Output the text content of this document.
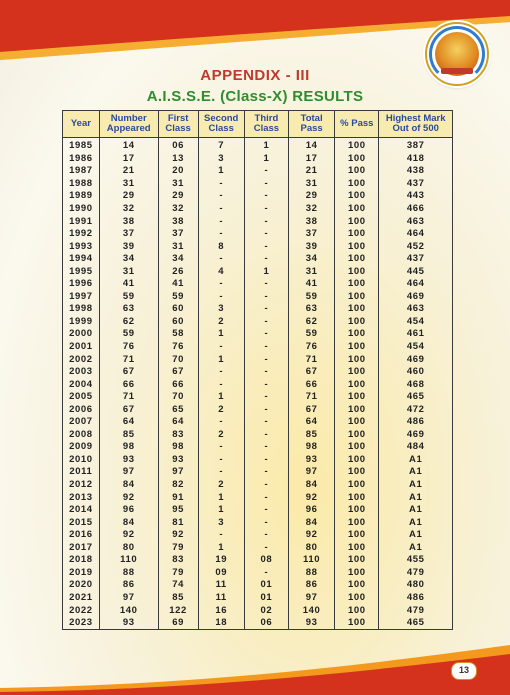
APPENDIX - III
A.I.S.S.E. (Class-X) RESULTS
Year	Number Appeared	First Class	Second Class	Third Class	Total Pass	% Pass	Highest Mark Out of 500
1985	14	06	7	1	14	100	387
1986	17	13	3	1	17	100	418
1987	21	20	1	-	21	100	438
1988	31	31	-	-	31	100	437
1989	29	29	-	-	29	100	443
1990	32	32	-	-	32	100	466
1991	38	38	-	-	38	100	463
1992	37	37	-	-	37	100	464
1993	39	31	8	-	39	100	452
1994	34	34	-	-	34	100	437
1995	31	26	4	1	31	100	445
1996	41	41	-	-	41	100	464
1997	59	59	-	-	59	100	469
1998	63	60	3	-	63	100	463
1999	62	60	2	-	62	100	454
2000	59	58	1	-	59	100	461
2001	76	76	-	-	76	100	454
2002	71	70	1	-	71	100	469
2003	67	67	-	-	67	100	460
2004	66	66	-	-	66	100	468
2005	71	70	1	-	71	100	465
2006	67	65	2	-	67	100	472
2007	64	64	-	-	64	100	486
2008	85	83	2	-	85	100	469
2009	98	98	-	-	98	100	484
2010	93	93	-	-	93	100	A1
2011	97	97	-	-	97	100	A1
2012	84	82	2	-	84	100	A1
2013	92	91	1	-	92	100	A1
2014	96	95	1	-	96	100	A1
2015	84	81	3	-	84	100	A1
2016	92	92	-	-	92	100	A1
2017	80	79	1	-	80	100	A1
2018	110	83	19	08	110	100	455
2019	88	79	09	-	88	100	479
2020	86	74	11	01	86	100	480
2021	97	85	11	01	97	100	486
2022	140	122	16	02	140	100	479
2023	93	69	18	06	93	100	465
13
